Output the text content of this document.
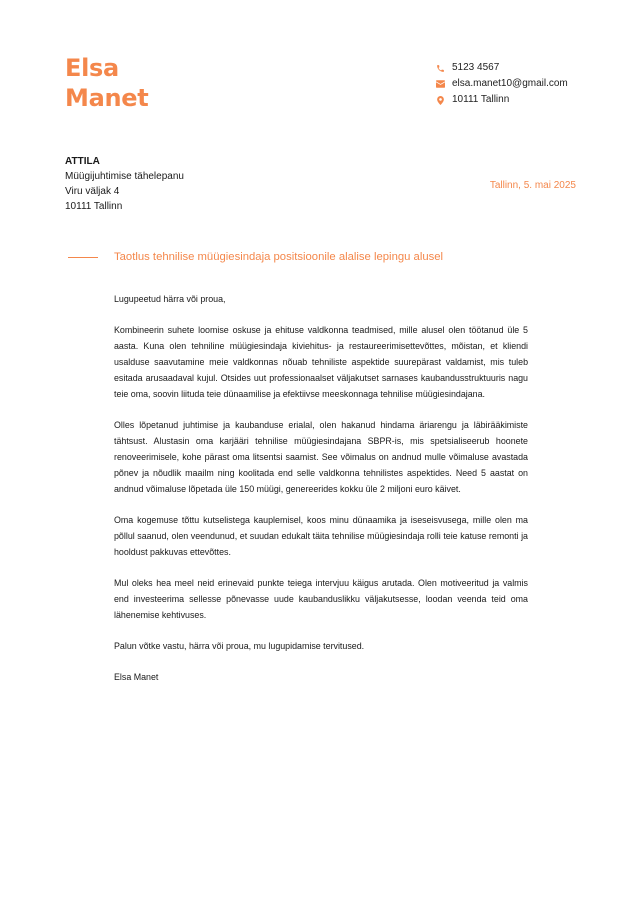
Elsa
Manet
5123 4567
elsa.manet10@gmail.com
10111 Tallinn
ATTILA
Müügijuhtimise tähelepanu
Viru väljak 4
10111 Tallinn
Tallinn, 5. mai 2025
Taotlus tehnilise müügiesindaja positsioonile alalise lepingu alusel

Lugupeetud härra või proua,

Kombineerin suhete loomise oskuse ja ehituse valdkonna teadmised, mille alusel olen töötanud üle 5 aasta. Kuna olen tehniline müügiesindaja kiviehitus- ja restaureerimisettevõttes, mõistan, et kliendi usalduse saavutamine meie valdkonnas nõuab tehniliste aspektide suurepärast valdamist, mis tuleb esitada arusaadaval kujul. Otsides uut professionaalset väljakutset sarnases kaubandusstruktuuris nagu teie oma, soovin liituda teie dünaamilise ja efektiivse meeskonnaga tehnilise müügiesindajana.

Olles lõpetanud juhtimise ja kaubanduse erialal, olen hakanud hindama äriarengu ja läbirääkimiste tähtsust. Alustasin oma karjääri tehnilise müügiesindajana SBPR-is, mis spetsialiseerub hoonete renoveerimisele, kohe pärast oma litsentsi saamist. See võimalus on andnud mulle võimaluse avastada põnev ja nõudlik maailm ning koolitada end selle valdkonna tehnilistes aspektides. Need 5 aastat on andnud võimaluse lõpetada üle 150 müügi, genereerides kokku üle 2 miljoni euro käivet.

Oma kogemuse tõttu kutselistega kauplemisel, koos minu dünaamika ja iseseisvusega, mille olen ma põllul saanud, olen veendunud, et suudan edukalt täita tehnilise müügiesindaja rolli teie katuse remonti ja hooldust pakkuvas ettevõttes.

Mul oleks hea meel neid erinevaid punkte teiega intervjuu käigus arutada. Olen motiveeritud ja valmis end investeerima sellesse põnevasse uude kaubanduslikku väljakutsesse, loodan veenda teid oma lähenemise kehtivuses.

Palun võtke vastu, härra või proua, mu lugupidamise tervitused.

Elsa Manet
